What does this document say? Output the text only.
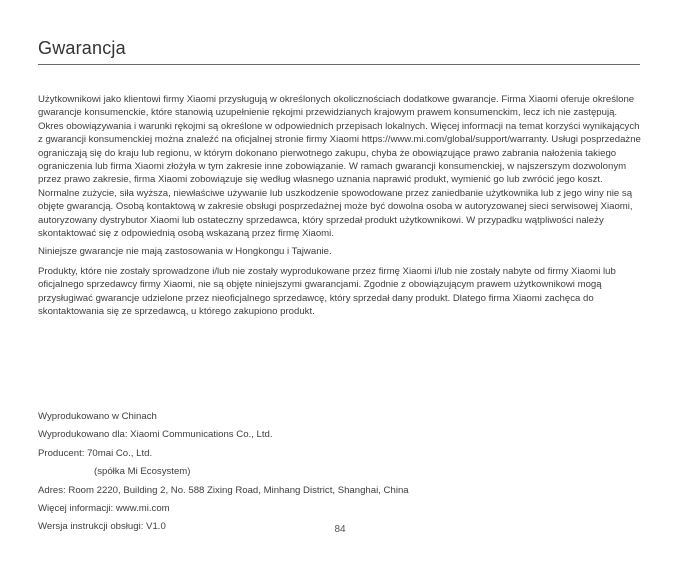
Gwarancja

Użytkownikowi jako klientowi firmy Xiaomi przysługują w określonych okolicznościach dodatkowe gwarancje. Firma Xiaomi oferuje określone gwarancje konsumenckie, które stanowią uzupełnienie rękojmi przewidzianych krajowym prawem konsumenckim, lecz ich nie zastępują. Okres obowiązywania i warunki rękojmi są określone w odpowiednich przepisach lokalnych. Więcej informacji na temat korzyści wynikających z gwarancji konsumenckiej można znaleźć na oficjalnej stronie firmy Xiaomi https://www.mi.com/global/support/warranty. Usługi posprzedażne ograniczają się do kraju lub regionu, w którym dokonano pierwotnego zakupu, chyba że obowiązujące prawo zabrania nałożenia takiego ograniczenia lub firma Xiaomi złożyła w tym zakresie inne zobowiązanie. W ramach gwarancji konsumenckiej, w najszerszym dozwolonym przez prawo zakresie, firma Xiaomi zobowiązuje się według własnego uznania naprawić produkt, wymienić go lub zwrócić jego koszt. Normalne zużycie, siła wyższa, niewłaściwe używanie lub uszkodzenie spowodowane przez zaniedbanie użytkownika lub z jego winy nie są objęte gwarancją. Osobą kontaktową w zakresie obsługi posprzedażnej może być dowolna osoba w autoryzowanej sieci serwisowej Xiaomi, autoryzowany dystrybutor Xiaomi lub ostateczny sprzedawca, który sprzedał produkt użytkownikowi. W przypadku wątpliwości należy skontaktować się z odpowiednią osobą wskazaną przez firmę Xiaomi.

Niniejsze gwarancje nie mają zastosowania w Hongkongu i Tajwanie.

Produkty, które nie zostały sprowadzone i/lub nie zostały wyprodukowane przez firmę Xiaomi i/lub nie zostały nabyte od firmy Xiaomi lub oficjalnego sprzedawcy firmy Xiaomi, nie są objęte niniejszymi gwarancjami. Zgodnie z obowiązującym prawem użytkownikowi mogą przysługiwać gwarancje udzielone przez nieoficjalnego sprzedawcę, który sprzedał dany produkt. Dlatego firma Xiaomi zachęca do skontaktowania się ze sprzedawcą, u którego zakupiono produkt.

Wyprodukowano w Chinach
Wyprodukowano dla: Xiaomi Communications Co., Ltd.
Producent: 70mai Co., Ltd.
(spółka Mi Ecosystem)
Adres: Room 2220, Building 2, No. 588 Zixing Road, Minhang District, Shanghai, China
Więcej informacji: www.mi.com
Wersja instrukcji obsługi: V1.0	84
